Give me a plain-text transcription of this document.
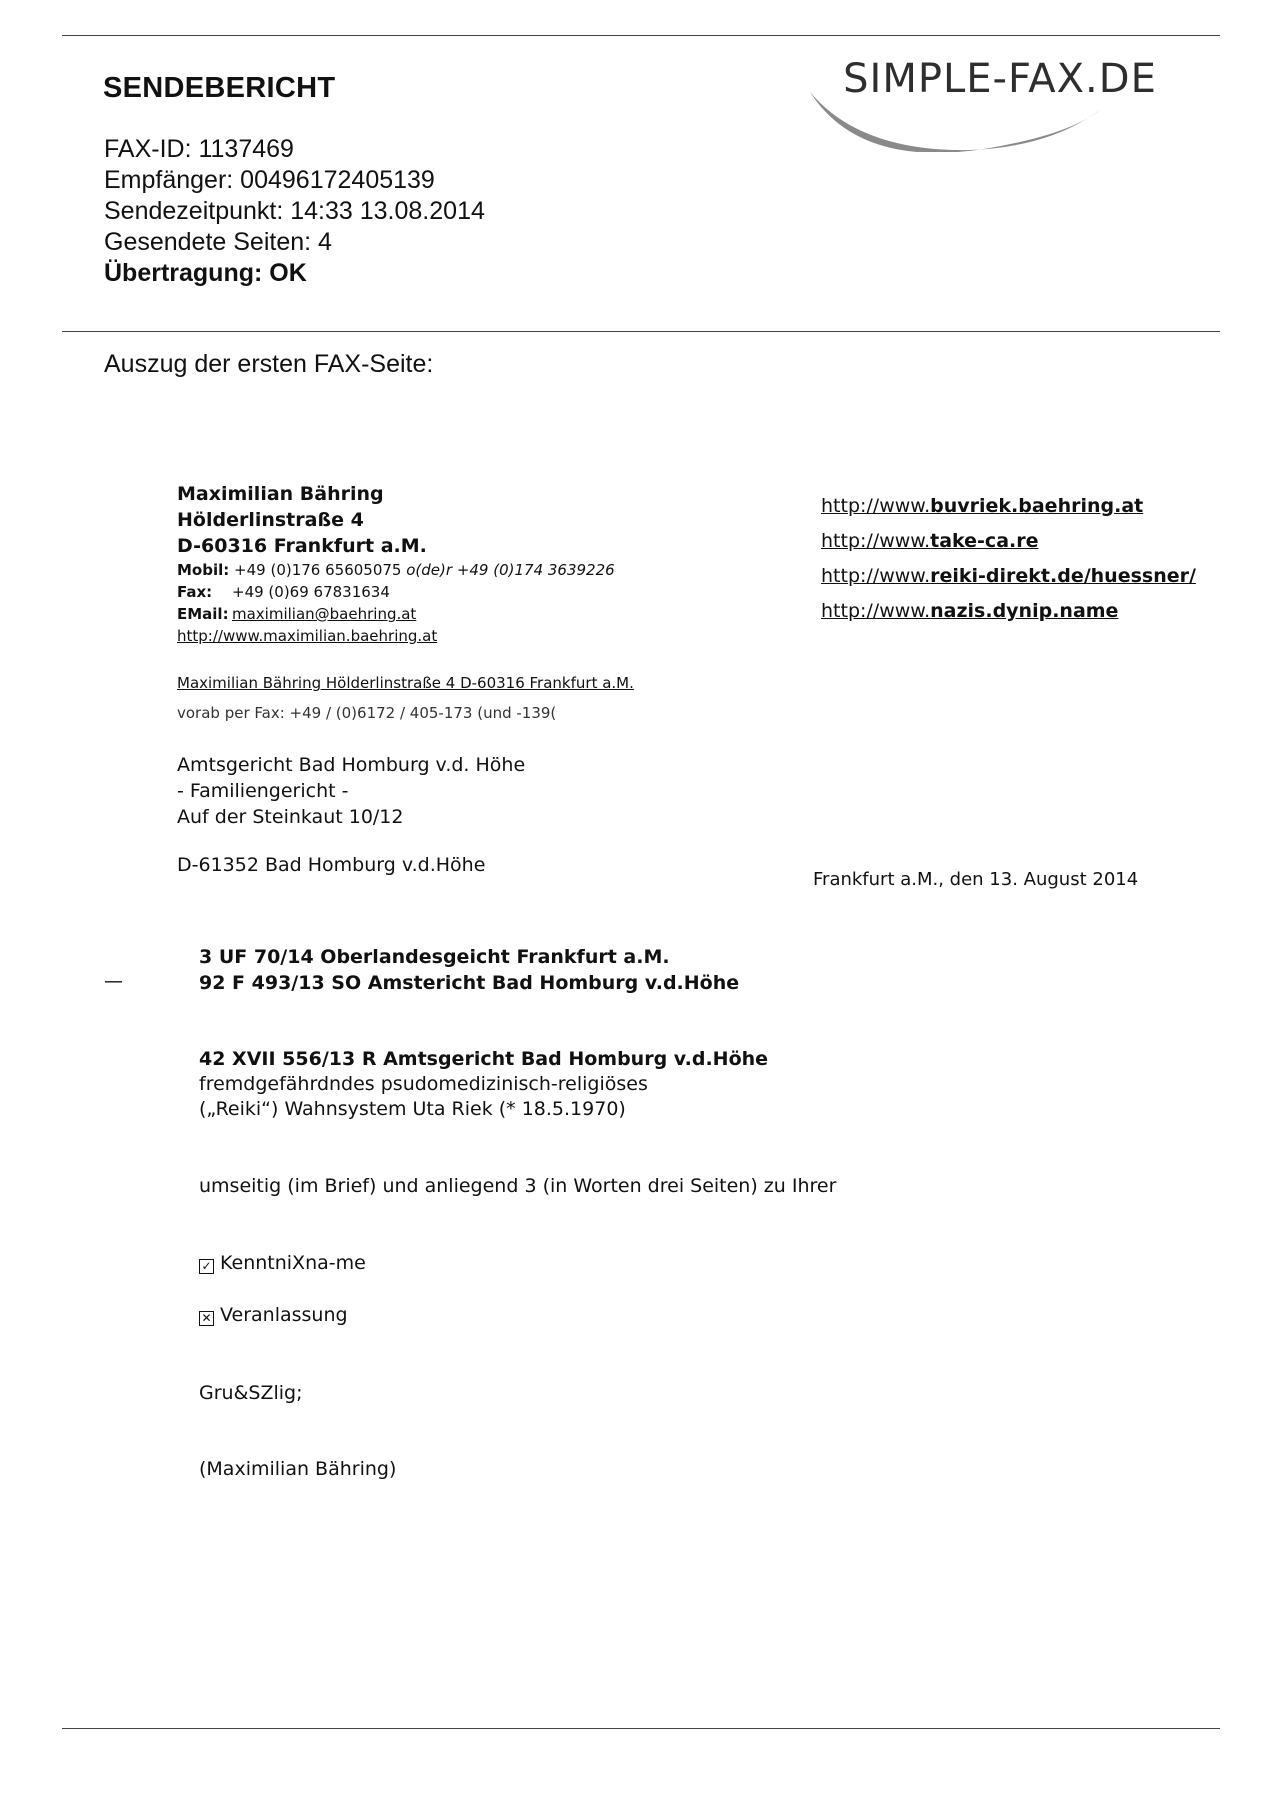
SENDEBERICHT
FAX-ID: 1137469
Empfänger: 00496172405139
Sendezeitpunkt: 14:33 13.08.2014
Gesendete Seiten: 4
Übertragung: OK
SIMPLE-FAX.DE
Auszug der ersten FAX-Seite:
Maximilian Bähring
Hölderlinstraße 4
D-60316 Frankfurt a.M.
Mobil: +49 (0)176 65605075 o(de)r +49 (0)174 3639226
Fax: +49 (0)69 67831634
EMail: maximilian@baehring.at
http://www.maximilian.baehring.at
http://www.buvriek.baehring.at
http://www.take-ca.re
http://www.reiki-direkt.de/huessner/
http://www.nazis.dynip.name
Maximilian Bähring Hölderlinstraße 4 D-60316 Frankfurt a.M.
vorab per Fax: +49 / (0)6172 / 405-173 (und -139(
Amtsgericht Bad Homburg v.d. Höhe
- Familiengericht -
Auf der Steinkaut 10/12
D-61352 Bad Homburg v.d.Höhe
Frankfurt a.M., den 13. August 2014
—
3 UF 70/14 Oberlandesgeicht Frankfurt a.M.
92 F 493/13 SO Amstericht Bad Homburg v.d.Höhe
42 XVII 556/13 R Amtsgericht Bad Homburg v.d.Höhe
fremdgefährdndes psudomedizinisch-religiöses
(„Reiki“) Wahnsystem Uta Riek (* 18.5.1970)
umseitig (im Brief) und anliegend 3 (in Worten drei Seiten) zu Ihrer
✓ KenntniXna-me
✕ Veranlassung
Gru&SZlig;
(Maximilian Bähring)
